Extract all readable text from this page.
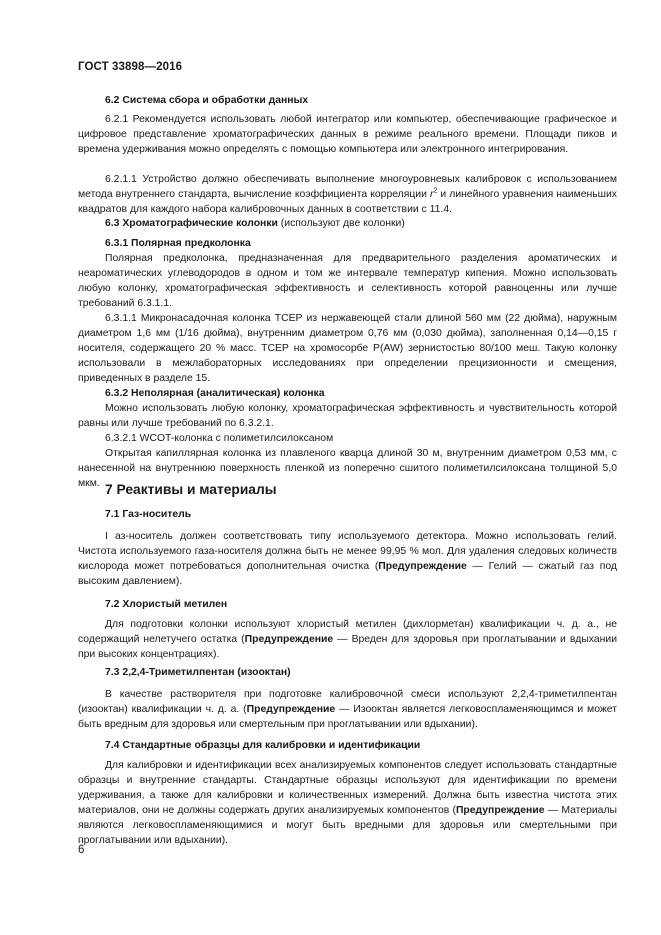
ГОСТ 33898—2016

6.2 Система сбора и обработки данных

6.2.1 Рекомендуется использовать любой интегратор или компьютер, обеспечивающие графическое и цифровое представление хроматографических данных в режиме реального времени. Площади пиков и времена удерживания можно определять с помощью компьютера или электронного интегрирования.

6.2.1.1 Устройство должно обеспечивать выполнение многоуровневых калибровок с использованием метода внутреннего стандарта, вычисление коэффициента корреляции $r^2$ и линейного уравнения наименьших квадратов для каждого набора калибровочных данных в соответствии с 11.4.

6.3 Хроматографические колонки (используют две колонки)

6.3.1 Полярная предколонка

Полярная предколонка, предназначенная для предварительного разделения ароматических и неароматических углеводородов в одном и том же интервале температур кипения. Можно использовать любую колонку, хроматографическая эффективность и селективность которой равноценны или лучше требований 6.3.1.1.

6.3.1.1 Микронасадочная колонка ТСЕР из нержавеющей стали длиной 560 мм (22 дюйма), наружным диаметром 1,6 мм (1/16 дюйма), внутренним диаметром 0,76 мм (0,030 дюйма), заполненная 0,14—0,15 г носителя, содержащего 20 % масс. ТСЕР на хромосорбе P(AW) зернистостью 80/100 меш. Такую колонку использовали в межлабораторных исследованиях при определении прецизионности и смещения, приведенных в разделе 15.

6.3.2 Неполярная (аналитическая) колонка

Можно использовать любую колонку, хроматографическая эффективность и чувствительность которой равны или лучше требований по 6.3.2.1.

6.3.2.1 WCOT-колонка с полиметилсилоксаном

Открытая капиллярная колонка из плавленого кварца длиной 30 м, внутренним диаметром 0,53 мм, с нанесенной на внутреннюю поверхность пленкой из поперечно сшитого полиметилсилоксана толщиной 5,0 мкм. 7 Реактивы и материалы

7.1 Газ-носитель

I аз-носитель должен соответствовать типу используемого детектора. Можно использовать гелий. Чистота используемого газа-носителя должна быть не менее 99,95 % мол. Для удаления следовых количеств кислорода может потребоваться дополнительная очистка (Предупреждение — Гелий — сжатый газ под высоким давлением).

7.2 Хлористый метилен

Для подготовки колонки используют хлористый метилен (дихлорметан) квалификации ч. д. а., не содержащий нелетучего остатка (Предупреждение — Вреден для здоровья при проглатывании и вдыхании при высоких концентрациях).

7.3 2,2,4-Триметилпентан (изооктан)

В качестве растворителя при подготовке калибровочной смеси используют 2,2,4-триметилпентан (изооктан) квалификации ч. д. а. (Предупреждение — Изооктан является легковоспламеняющимся и может быть вредным для здоровья или смертельным при проглатывании или вдыхании).

7.4 Стандартные образцы для калибровки и идентификации

Для калибровки и идентификации всех анализируемых компонентов следует использовать стандартные образцы и внутренние стандарты. Стандартные образцы используют для идентификации по времени удерживания, а также для калибровки и количественных измерений. Должна быть известна чистота этих материалов, они не должны содержать других анализируемых компонентов (Предупреждение — Материалы являются легковоспламеняющимися и могут быть вредными для здоровья или смертельными при проглатывании или вдыхании).

6
